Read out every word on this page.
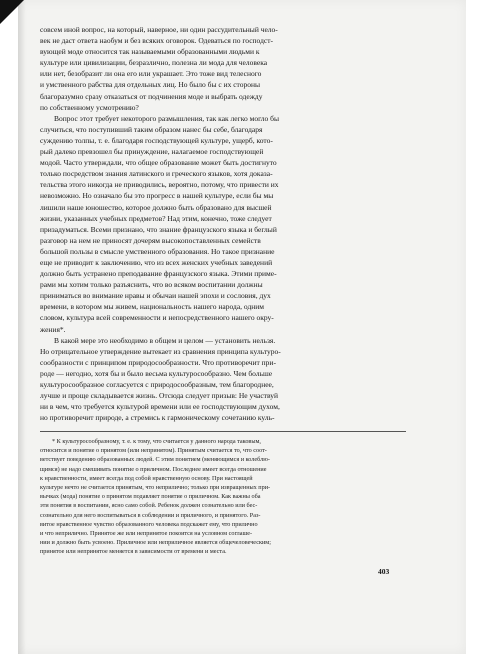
совсем иной вопрос, на который, наверное, ни один рассудительный чело-
век не даст ответа наобум и без всяких оговорок. Одеваться по господст-
вующей моде относится так называемыми образованными людьми к
культуре или цивилизации, безразлично, полезна ли мода для человека
или нет, безобразит ли она его или украшает. Это тоже вид телесного
и умственного рабства для отдельных лиц. Но было бы с их стороны
благоразумно сразу отказаться от подчинения моде и выбрать одежду
по собственному усмотрению?
Вопрос этот требует некоторого размышления, так как легко могло бы
случиться, что поступивший таким образом нанес бы себе, благодаря
суждению толпы, т. е. благодаря господствующей культуре, ущерб, кото-
рый далеко превзошел бы принуждение, налагаемое господствующей
модой. Часто утверждали, что общее образование может быть достигнуто
только посредством знания латинского и греческого языков, хотя доказа-
тельства этого никогда не приводились, вероятно, потому, что привести их
невозможно. Но означало бы это прогресс в нашей культуре, если бы мы
лишили наше юношество, которое должно быть образовано для высшей
жизни, указанных учебных предметов? Над этим, конечно, тоже следует
призадуматься. Всеми признано, что знание французского языка и беглый
разговор на нем не приносят дочерям высокопоставленных семейств
большой пользы в смысле умственного образования. Но такое признание
еще не приводит к заключению, что из всех женских учебных заведений
должно быть устранено преподавание французского языка. Этими приме-
рами мы хотим только разъяснить, что во всяком воспитании должны
приниматься во внимание нравы и обычаи нашей эпохи и сословия, дух
времени, в котором мы живем, национальность нашего народа, одним
словом, культура всей современности и непосредственного нашего окру-
жения*.
В какой мере это необходимо в общем и целом — установить нельзя.
Но отрицательное утверждение вытекает из сравнения принципа культуро-
сообразности с принципом природосообразности. Что противоречит при-
роде — негодно, хотя бы и было весьма культуросообразно. Чем больше
культуросообразное согласуется с природосообразным, тем благороднее,
лучше и проще складывается жизнь. Отсюда следует призыв: Не участвуй
ни в чем, что требуется культурой времени или ее господствующим духом,
но противоречит природе, а стремись к гармоническому сочетанию куль-
* К культуросообразному, т. е. к тому, что считается у данного народа таковым,
относится и понятие о принятом (или непринятом). Принятым считается то, что соот-
ветствует поведению образованных людей. С этим понятием (меняющимся и колеблю-
щимся) не надо смешивать понятие о приличном. Последнее имеет всегда отношение
к нравственности, имеет всегда под собой нравственную основу. При настоящей
культуре нечто не считается принятым, что неприлично; только при извращенных при-
вычках (мода) понятие о принятом подавляет понятие о приличном. Как важны оба
эти понятия в воспитании, ясно само собой. Ребенок должен сознательно или бес-
сознательно для него воспитываться в соблюдении и приличного, и принятого. Раз-
витое нравственное чувство образованного человека подскажет ему, что прилично
и что неприлично. Принятое же или непринятое покоится на условном соглаше-
нии и должно быть усвоено. Приличное или неприличное является общечеловеческим;
принятое или непринятое меняется в зависимости от времени и места.
403
